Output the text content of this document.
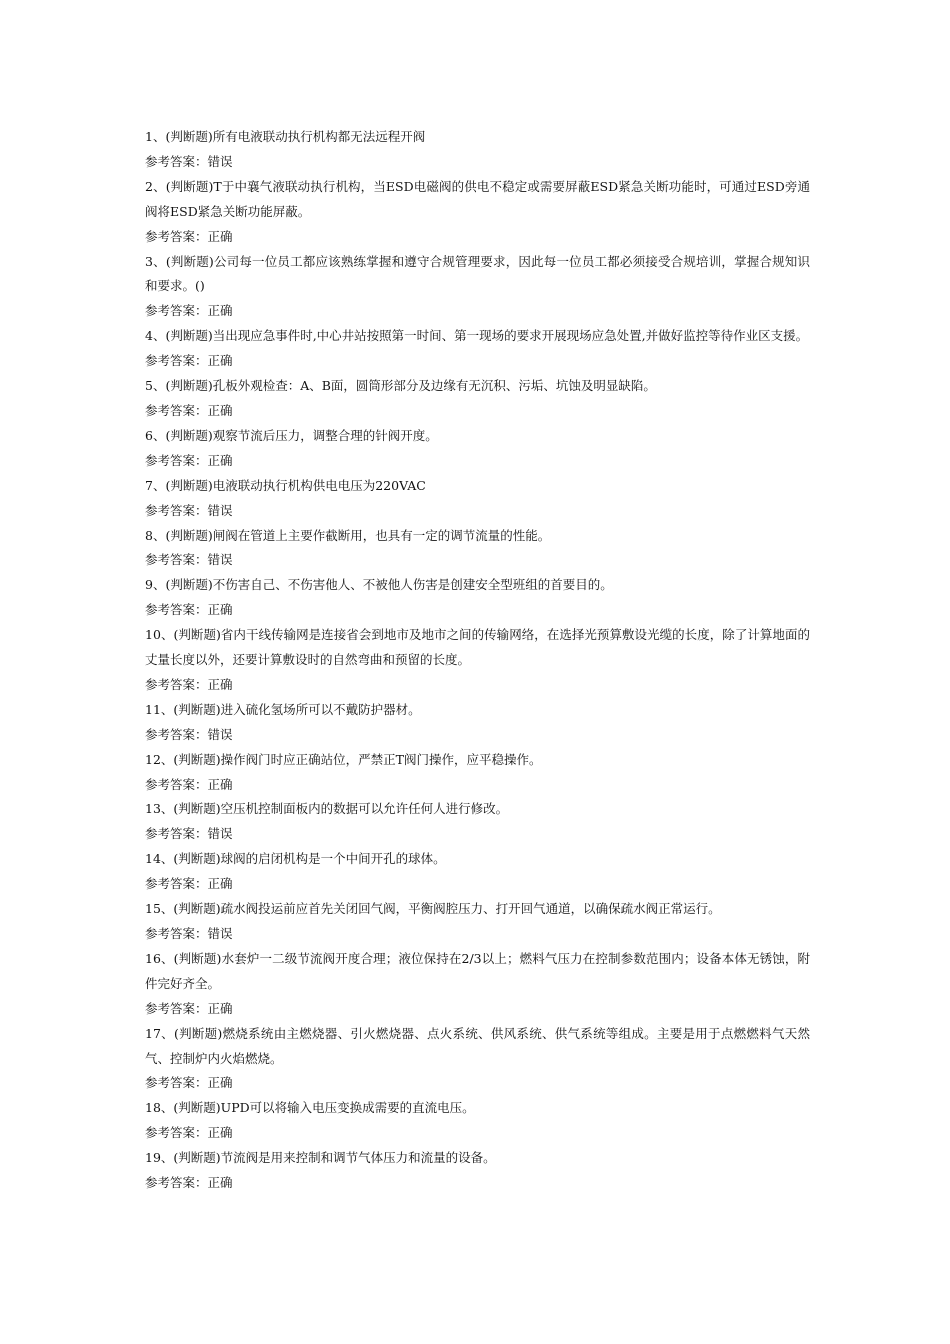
1、(判断题)所有电液联动执行机构都无法远程开阀
参考答案：错误
2、(判断题)T于中襄气液联动执行机构，当ESD电磁阀的供电不稳定或需要屏蔽ESD紧急关断功能时，可通过ESD旁通阀将ESD紧急关断功能屏蔽。
参考答案：正确
3、(判断题)公司每一位员工都应该熟练掌握和遵守合规管理要求，因此每一位员工都必须接受合规培训，掌握合规知识和要求。()
参考答案：正确
4、(判断题)当出现应急事件时,中心井站按照第一时间、第一现场的要求开展现场应急处置,并做好监控等待作业区支援。
参考答案：正确
5、(判断题)孔板外观检查：A、B面，圆筒形部分及边缘有无沉积、污垢、坑蚀及明显缺陷。
参考答案：正确
6、(判断题)观察节流后压力，调整合理的针阀开度。
参考答案：正确
7、(判断题)电液联动执行机构供电电压为220VAC
参考答案：错误
8、(判断题)闸阀在管道上主要作截断用，也具有一定的调节流量的性能。
参考答案：错误
9、(判断题)不伤害自己、不伤害他人、不被他人伤害是创建安全型班组的首要目的。
参考答案：正确
10、(判断题)省内干线传输网是连接省会到地市及地市之间的传输网络，在选择光预算敷设光缆的长度，除了计算地面的丈量长度以外，还要计算敷设时的自然弯曲和预留的长度。
参考答案：正确
11、(判断题)进入硫化氢场所可以不戴防护器材。
参考答案：错误
12、(判断题)操作阀门时应正确站位，严禁正T阀门操作，应平稳操作。
参考答案：正确
13、(判断题)空压机控制面板内的数据可以允许任何人进行修改。
参考答案：错误
14、(判断题)球阀的启闭机构是一个中间开孔的球体。
参考答案：正确
15、(判断题)疏水阀投运前应首先关闭回气阀，平衡阀腔压力、打开回气通道，以确保疏水阀正常运行。
参考答案：错误
16、(判断题)水套炉一二级节流阀开度合理；液位保持在2/3以上；燃料气压力在控制参数范围内；设备本体无锈蚀，附件完好齐全。
参考答案：正确
17、(判断题)燃烧系统由主燃烧器、引火燃烧器、点火系统、供风系统、供气系统等组成。主要是用于点燃燃料气天然气、控制炉内火焰燃烧。
参考答案：正确
18、(判断题)UPD可以将输入电压变换成需要的直流电压。
参考答案：正确
19、(判断题)节流阀是用来控制和调节气体压力和流量的设备。
参考答案：正确
